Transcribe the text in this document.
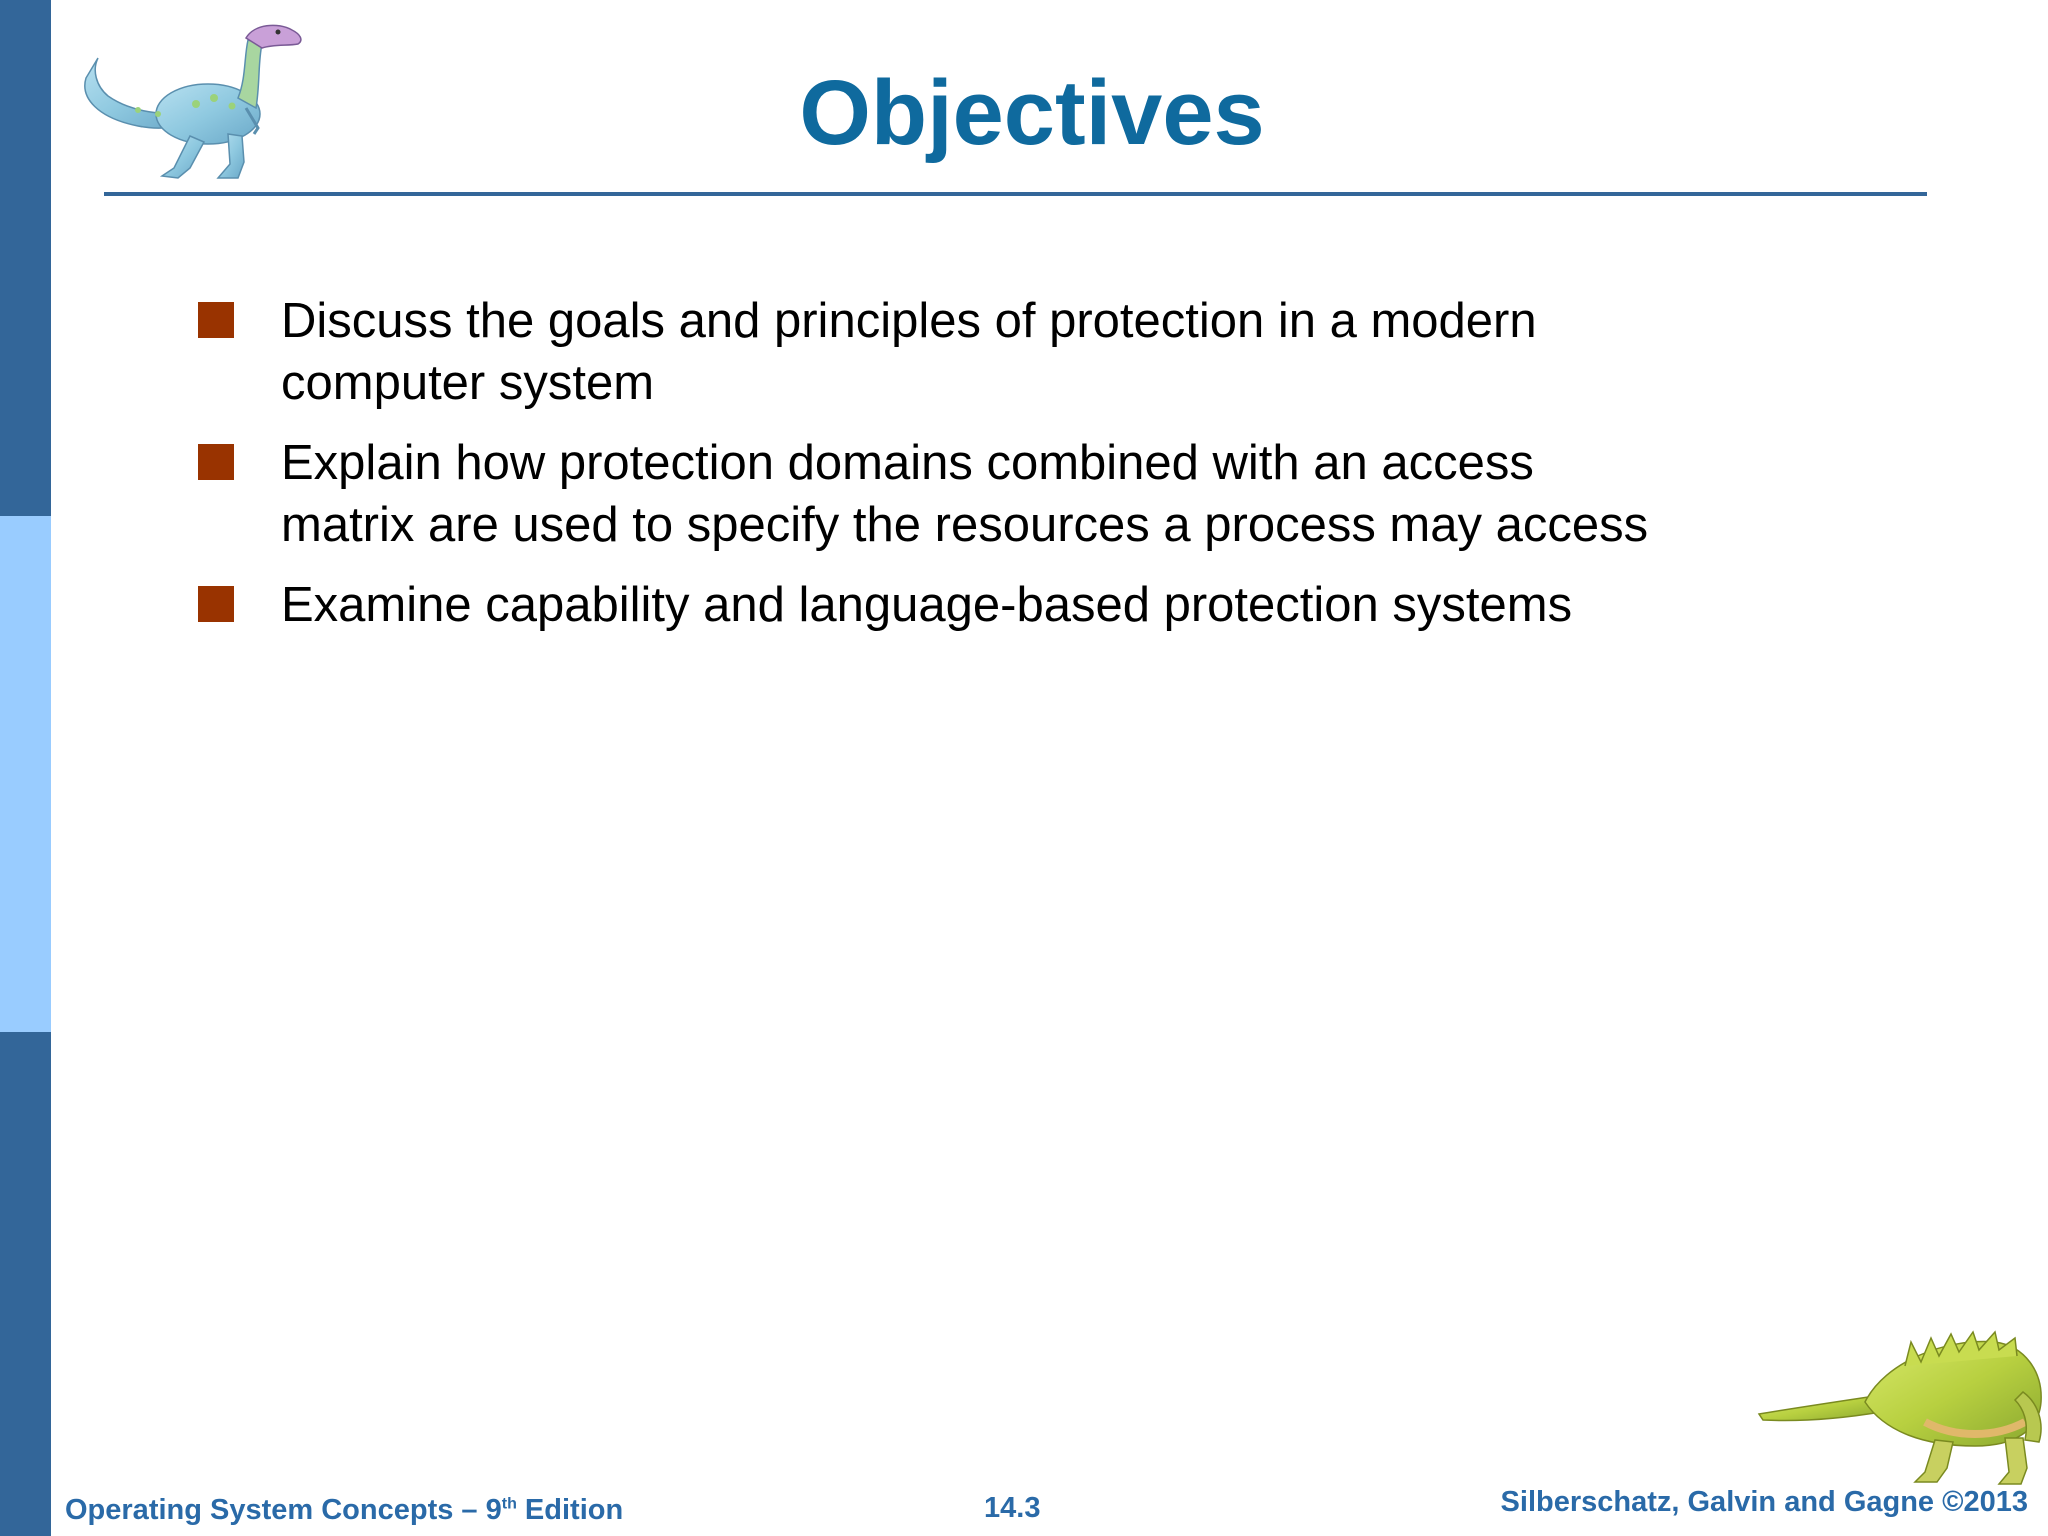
Objectives
Discuss the goals and principles of protection in a modern computer system
Explain how protection domains combined with an access matrix are used to specify the resources a process may access
Examine capability and language-based protection systems
Operating System Concepts – 9th Edition	14.3	Silberschatz, Galvin and Gagne ©2013
